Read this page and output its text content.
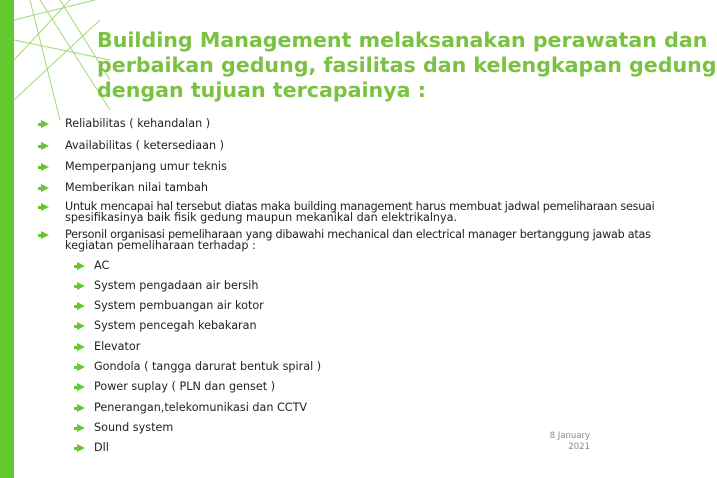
Building Management melaksanakan perawatan dan
perbaikan gedung, fasilitas dan kelengkapan gedung
dengan tujuan tercapainya :
Reliabilitas ( kehandalan )
Availabilitas ( ketersediaan )
Memperpanjang umur teknis
Memberikan nilai tambah
Untuk mencapai hal tersebut diatas maka building management harus membuat jadwal pemeliharaan sesuai
spesifikasinya baik fisik gedung maupun mekanikal dan elektrikalnya.
Personil organisasi pemeliharaan yang dibawahi mechanical dan electrical manager bertanggung jawab atas
kegiatan pemeliharaan terhadap :
AC
System pengadaan air bersih
System pembuangan air kotor
System pencegah kebakaran
Elevator
Gondola ( tangga darurat bentuk spiral )
Power suplay ( PLN dan genset )
Penerangan,telekomunikasi dan CCTV
Sound system
Dll
8 January
2021
